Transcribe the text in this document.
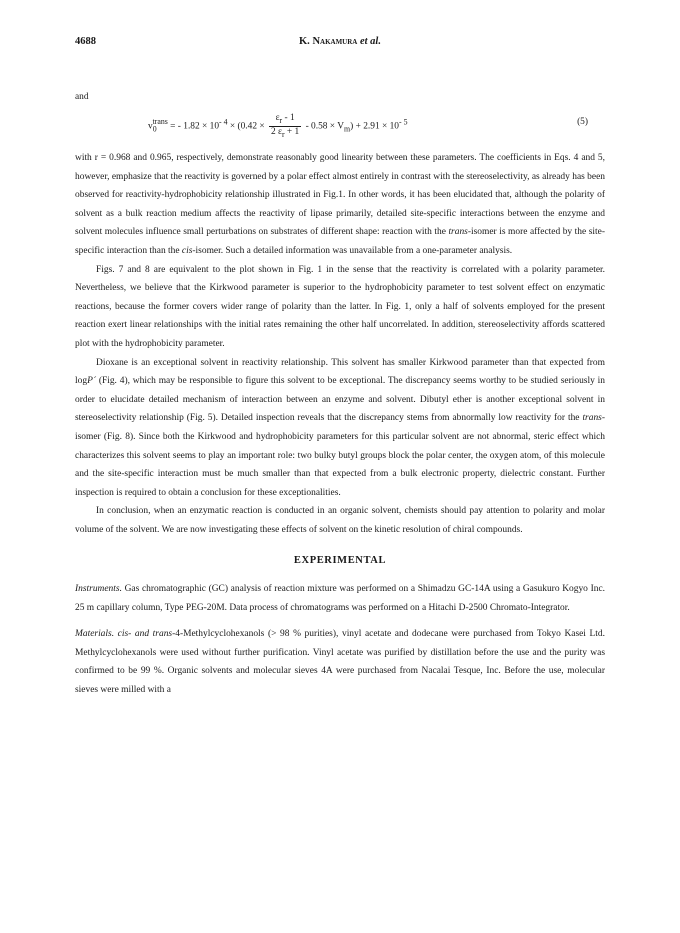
4688	K. Nakamura et al.
and
$v_0^{trans}$ = - $1.82 \times 10^{- 4} \times (0.42 \times \frac{\varepsilon_r - 1}{2 \varepsilon_r + 1} - 0.58 \times V_m) + 2.91 \times 10^{- 5}$	(5)

with r = 0.968 and 0.965, respectively, demonstrate reasonably good linearity between these parameters. The coefficients in Eqs. 4 and 5, however, emphasize that the reactivity is governed by a polar effect almost entirely in contrast with the stereoselectivity, as already has been observed for reactivity-hydrophobicity relationship illustrated in Fig.1. In other words, it has been elucidated that, although the polarity of solvent as a bulk reaction medium affects the reactivity of lipase primarily, detailed site-specific interactions between the enzyme and solvent molecules influence small perturbations on substrates of different shape: reaction with the trans-isomer is more affected by the site-specific interaction than the cis-isomer. Such a detailed information was unavailable from a one-parameter analysis.

Figs. 7 and 8 are equivalent to the plot shown in Fig. 1 in the sense that the reactivity is correlated with a polarity parameter. Nevertheless, we believe that the Kirkwood parameter is superior to the hydrophobicity parameter to test solvent effect on enzymatic reactions, because the former covers wider range of polarity than the latter. In Fig. 1, only a half of solvents employed for the present reaction exert linear relationships with the initial rates remaining the other half uncorrelated. In addition, stereoselectivity affords scattered plot with the hydrophobicity parameter.

Dioxane is an exceptional solvent in reactivity relationship. This solvent has smaller Kirkwood parameter than that expected from logP´ (Fig. 4), which may be responsible to figure this solvent to be exceptional. The discrepancy seems worthy to be studied seriously in order to elucidate detailed mechanism of interaction between an enzyme and solvent. Dibutyl ether is another exceptional solvent in stereoselectivity relationship (Fig. 5). Detailed inspection reveals that the discrepancy stems from abnormally low reactivity for the trans-isomer (Fig. 8). Since both the Kirkwood and hydrophobicity parameters for this particular solvent are not abnormal, steric effect which characterizes this solvent seems to play an important role: two bulky butyl groups block the polar center, the oxygen atom, of this molecule and the site-specific interaction must be much smaller than that expected from a bulk electronic property, dielectric constant. Further inspection is required to obtain a conclusion for these exceptionalities.

In conclusion, when an enzymatic reaction is conducted in an organic solvent, chemists should pay attention to polarity and molar volume of the solvent. We are now investigating these effects of solvent on the kinetic resolution of chiral compounds.

EXPERIMENTAL

Instruments. Gas chromatographic (GC) analysis of reaction mixture was performed on a Shimadzu GC-14A using a Gasukuro Kogyo Inc. 25 m capillary column, Type PEG-20M. Data process of chromatograms was performed on a Hitachi D-2500 Chromato-Integrator.

Materials. cis- and trans-4-Methylcyclohexanols (> 98 % purities), vinyl acetate and dodecane were purchased from Tokyo Kasei Ltd. Methylcyclohexanols were used without further purification. Vinyl acetate was purified by distillation before the use and the purity was confirmed to be 99 %. Organic solvents and molecular sieves 4A were purchased from Nacalai Tesque, Inc. Before the use, molecular sieves were milled with a
